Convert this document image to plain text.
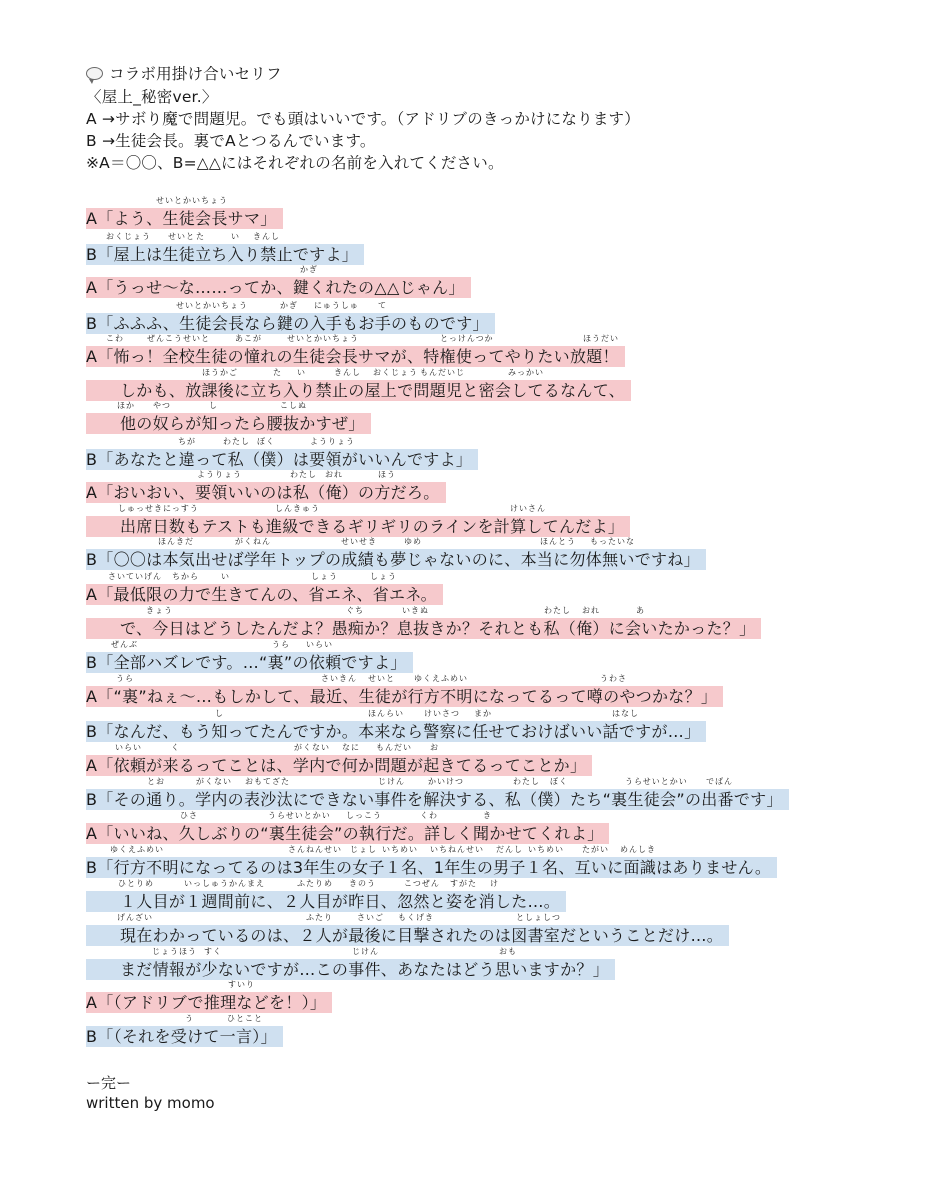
コラボ用掛け合いセリフ
〈屋上_秘密ver.〉
A →サボり魔で問題児。でも頭はいいです。（アドリブのきっかけになります）
B →生徒会長。裏でAとつるんでいます。
※A＝〇〇、B=△△にはそれぞれの名前を入れてください。
A「よう、生徒会長サマ」
せいとかいちょう
B「屋上は生徒立ち入り禁止ですよ」
おくじょう せいと た	い きんし
A「うっせ〜な……ってか、鍵くれたの△△じゃん」
かぎ
B「ふふふ、生徒会長なら鍵の入手もお手のものです」
せいとかいちょう	かぎ にゅうしゅ て
A「怖っ！全校生徒の憧れの生徒会長サマが、特権使ってやりたい放題！
こわ	ぜんこうせいと	あこが	せいとかいちょう	とっけんつか	ほうだい
しかも、放課後に立ち入り禁止の屋上で問題児と密会してるなんて、
ほうかご	た い	きんし おくじょう もんだいじ	みっかい
他の奴らが知ったら腰抜かすぜ」
ほか やつ	し	こしぬ
B「あなたと違って私（僕）は要領がいいんですよ」
ちが	わたし ぼく	ようりょう
A「おいおい、要領いいのは私（俺）の方だろ。
ようりょう	わたし おれ	ほう
出席日数もテストも進級できるギリギリのラインを計算してんだよ」
しゅっせきにっすう	しんきゅう	けいさん
B「〇〇は本気出せば学年トップの成績も夢じゃないのに、本当に勿体無いですね」
ほんきだ	がくねん	せいせき	ゆめ	ほんとう もったいな
A「最低限の力で生きてんの、省エネ、省エネ。
さいていげん ちから	い	しょう	しょう
で、今日はどうしたんだよ？愚痴か？息抜きか？それとも私（俺）に会いたかった？」
きょう	ぐち	いきぬ	わたし おれ	あ
B「全部ハズレです。…“裏”の依頼ですよ」
ぜんぶ	うら いらい
A「“裏”ねぇ〜…もしかして、最近、生徒が行方不明になってるって噂のやつかな？」
うら	さいきん せいと ゆくえふめい	うわさ
B「なんだ、もう知ってたんですか。本来なら警察に任せておけばいい話ですが…」
し	ほんらい	けいさつ まか	はなし
A「依頼が来るってことは、学内で何か問題が起きてるってことか」
いらい	く	がくない なに もんだい お
B「その通り。学内の表沙汰にできない事件を解決する、私（僕）たち“裏生徒会”の出番です」
とお	がくない おもてざた	じけん	かいけつ	わたし ぼく	うらせいとかい でばん
A「いいね、久しぶりの“裏生徒会”の執行だ。詳しく聞かせてくれよ」
ひさ	うらせいとかい しっこう	くわ	き
B「行方不明になってるのは3年生の女子１名、1年生の男子１名、互いに面識はありません。
ゆくえふめい	さんねんせい じょし いちめい いちねんせい だんし いちめい たがい めんしき
１人目が１週間前に、２人目が昨日、忽然と姿を消した…。
ひとりめ	いっしゅうかんまえ	ふたりめ きのう	こつぜん すがた け
現在わかっているのは、２人が最後に目撃されたのは図書室だということだけ…。
げんざい	ふたり	さいご もくげき	としょしつ
まだ情報が少ないですが…この事件、あなたはどう思いますか？」
じょうほう すく	じけん	おも
A「（アドリブで推理などを！）」
すいり
B「（それを受けて一言）」
う	ひとこと
ー完ー
written by momo
